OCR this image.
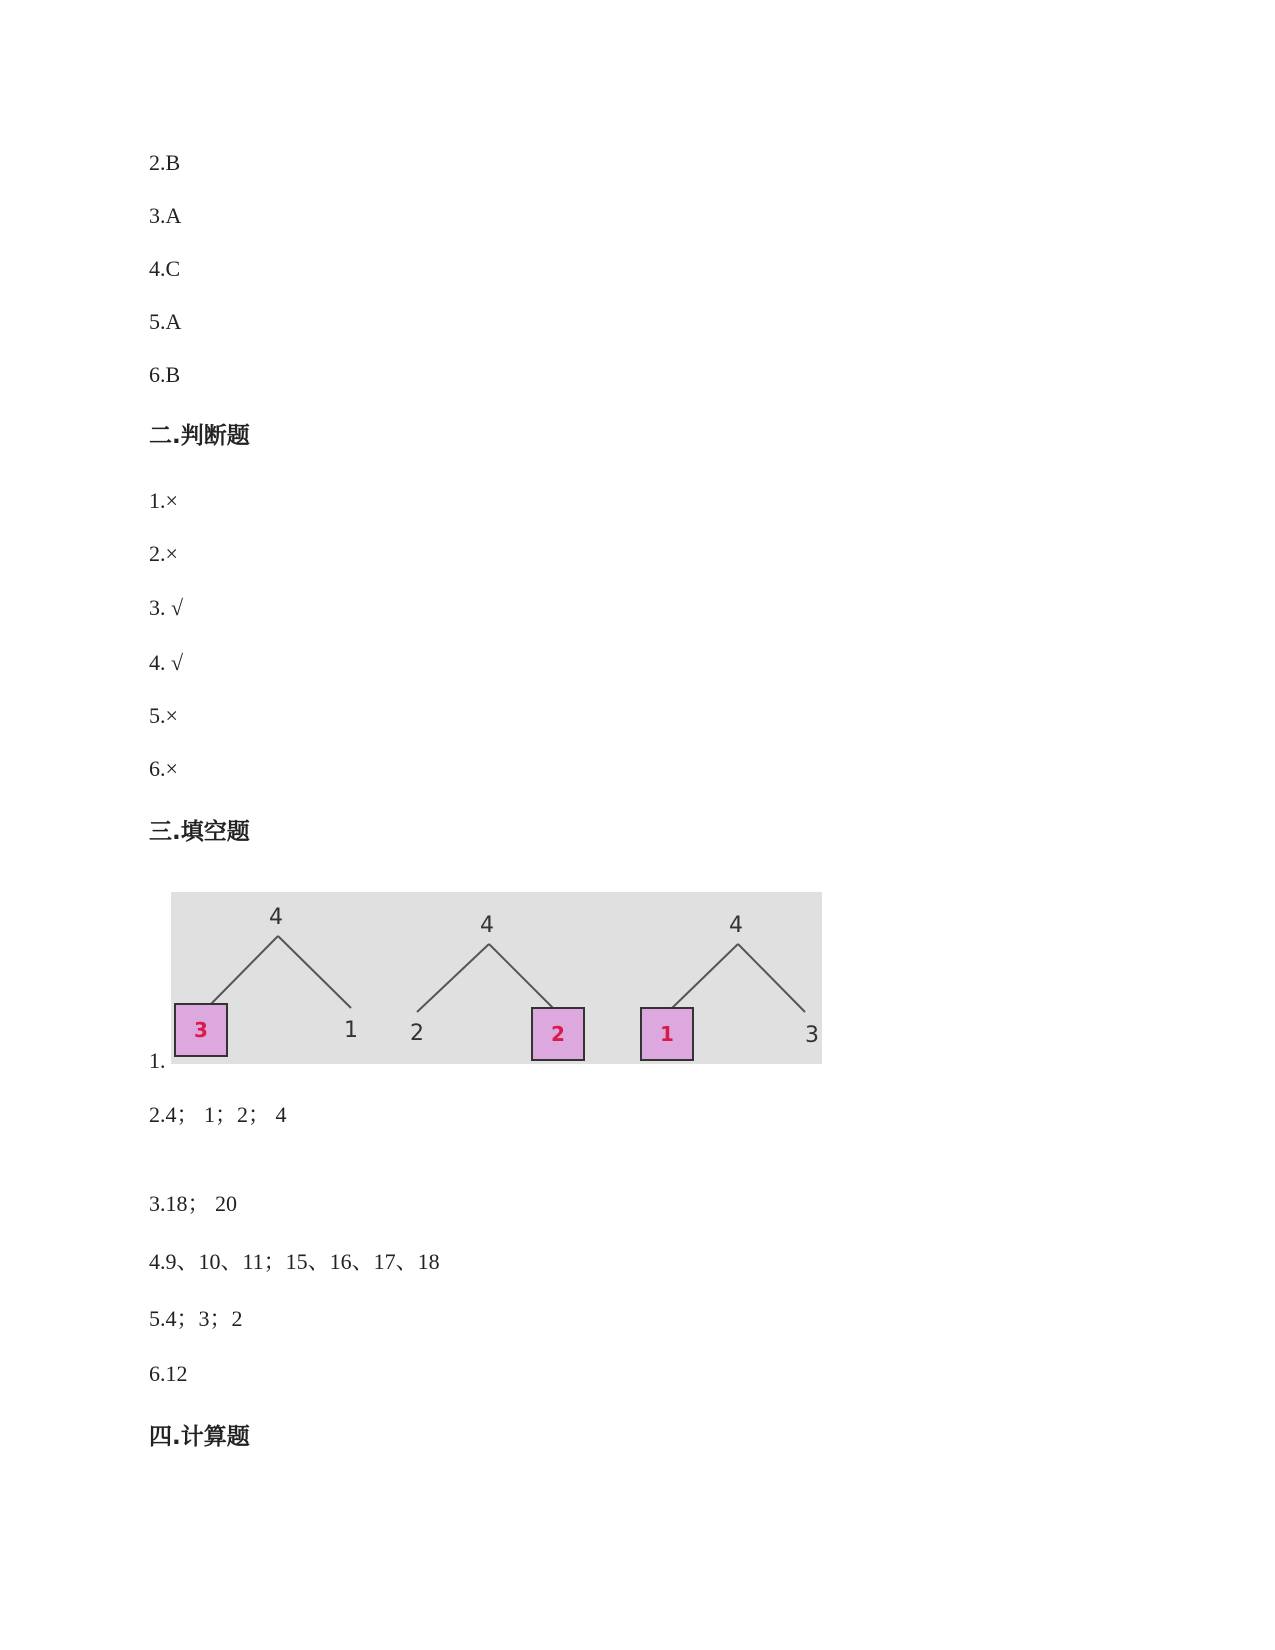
2.B
3.A
4.C
5.A
6.B
二.判断题
1.×
2.×
3. √
4. √
5.×
6.×
三.填空题
4
3	1
4
2	2
4
1	3
1.
2.4； 1；2； 4
3.18； 20
4.9、10、11；15、16、17、18
5.4；3；2
6.12
四.计算题
